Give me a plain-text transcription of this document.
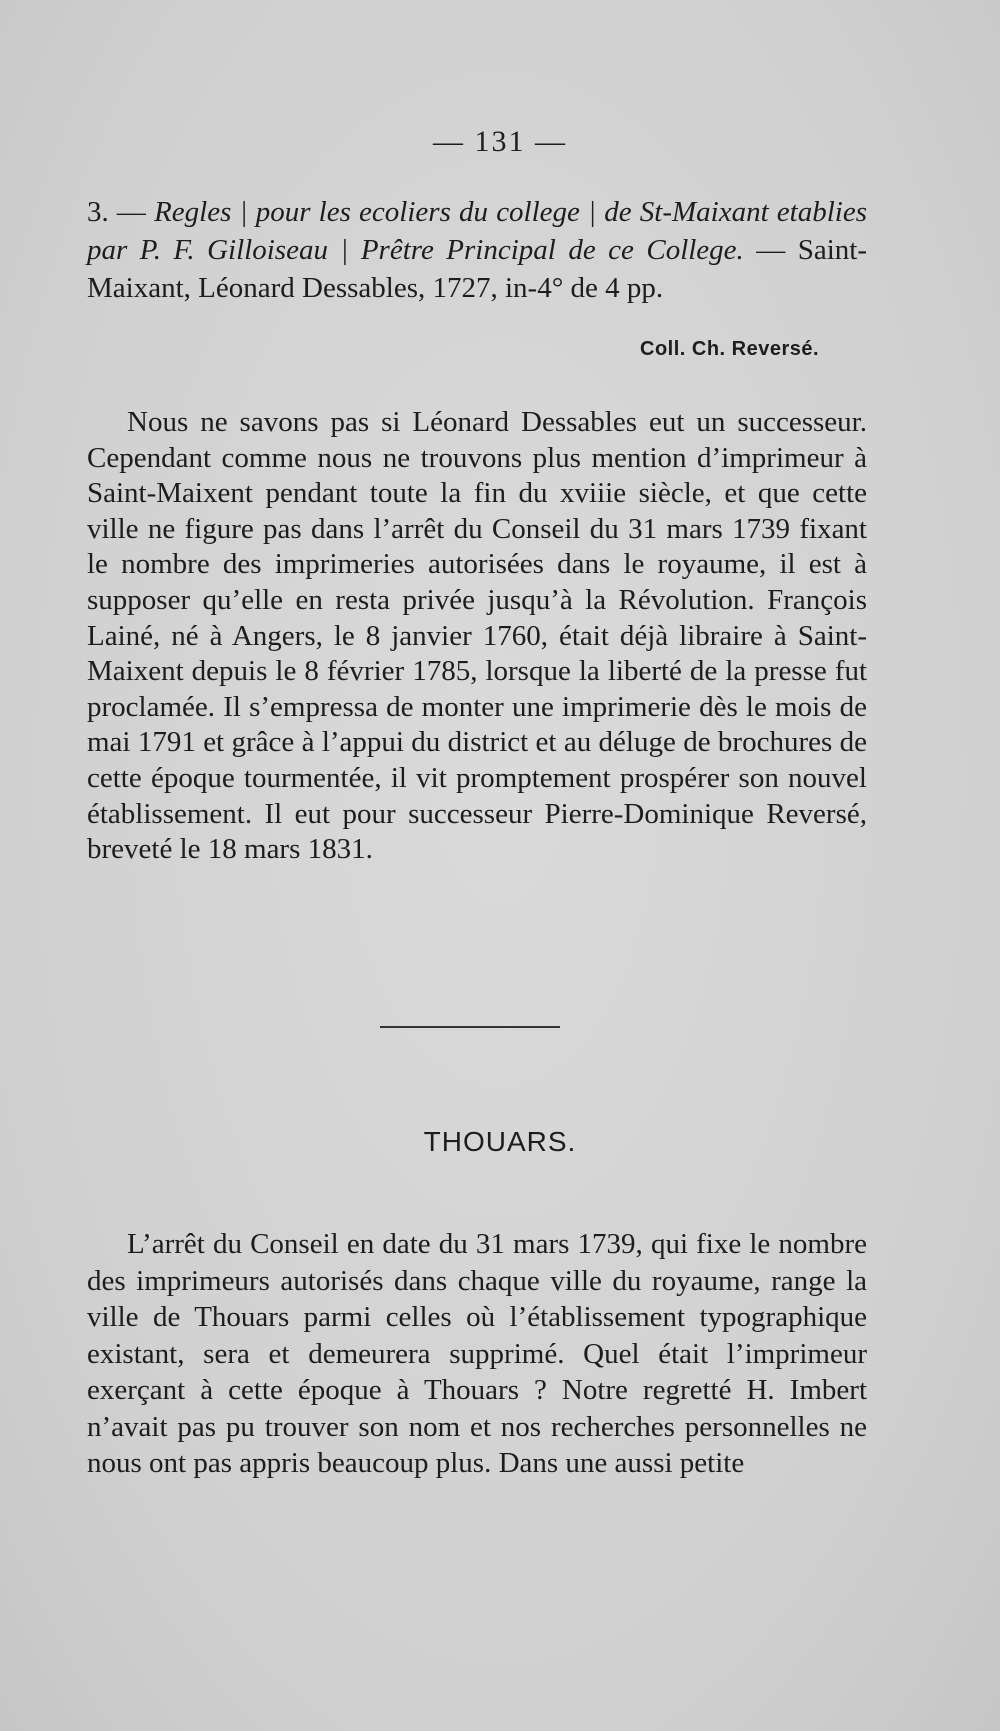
— 131 —
3. — Regles | pour les ecoliers du college | de St-Maixant etablies par P. F. Gilloiseau | Prêtre Principal de ce College. — Saint-Maixant, Léonard Dessables, 1727, in-4° de 4 pp.
Coll. Ch. Reversé.
Nous ne savons pas si Léonard Dessables eut un successeur. Cependant comme nous ne trouvons plus mention d’imprimeur à Saint-Maixent pendant toute la fin du xviiie siècle, et que cette ville ne figure pas dans l’arrêt du Conseil du 31 mars 1739 fixant le nombre des imprimeries autorisées dans le royaume, il est à supposer qu’elle en resta privée jusqu’à la Révolution. François Lainé, né à Angers, le 8 janvier 1760, était déjà libraire à Saint-Maixent depuis le 8 février 1785, lorsque la liberté de la presse fut proclamée. Il s’empressa de monter une imprimerie dès le mois de mai 1791 et grâce à l’appui du district et au déluge de brochures de cette époque tourmentée, il vit promptement prospérer son nouvel établissement. Il eut pour successeur Pierre-Dominique Reversé, breveté le 18 mars 1831.
THOUARS.
L’arrêt du Conseil en date du 31 mars 1739, qui fixe le nombre des imprimeurs autorisés dans chaque ville du royaume, range la ville de Thouars parmi celles où l’établissement typographique existant, sera et demeurera supprimé. Quel était l’imprimeur exerçant à cette époque à Thouars ? Notre regretté H. Imbert n’avait pas pu trouver son nom et nos recherches personnelles ne nous ont pas appris beaucoup plus. Dans une aussi petite
